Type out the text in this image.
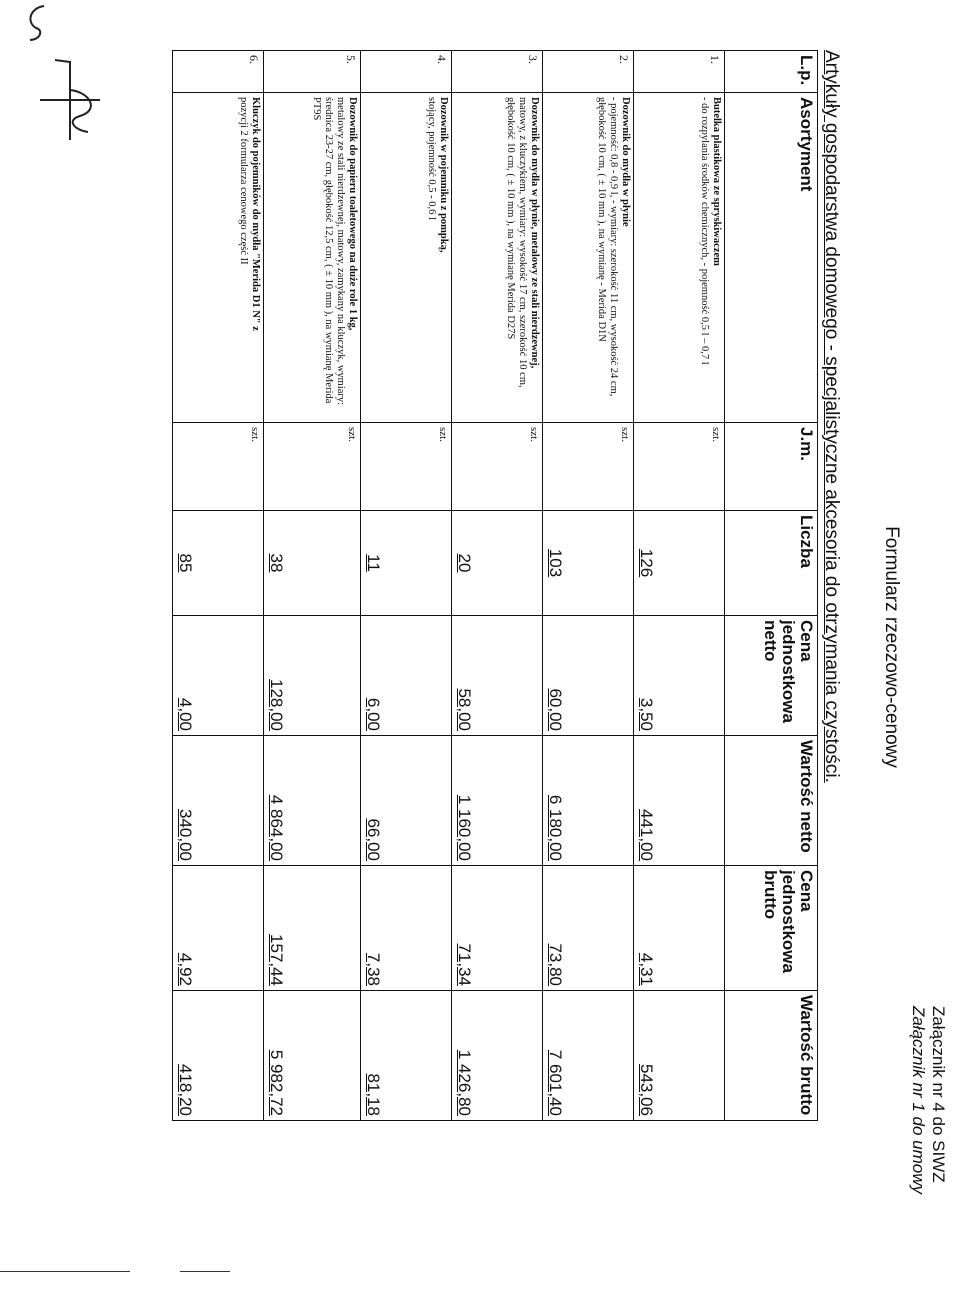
Załącznik nr 4 do SIWZ
Załącznik nr 1 do umowy
Formularz rzeczowo-cenowy
Artykuły gospodarstwa domowego - specjalistyczne akcesoria do otrzymania czystości.
L.p.	Asortyment	J.m.	Liczba	Cena jednostkowa netto	Wartość netto	Cena jednostkowa brutto	Wartość brutto
1.	Butelka plastikowa ze spryskiwaczem
- do rozpylania środków chemicznych, - pojemność 0,5 l – 0,7 l	szt.	126	3,50	441,00	4,31	543,06
2.	Dozownik do mydła w płynie
- pojemność: 0,8 - 0,9 l, - wymiary: szerokość 11 cm, wysokość 24 cm, głębokość 10 cm, ( ± 10 mm ), na wymianę - Merida D1N	szt.	103	60,00	6 180,00	73,80	7 601,40
3.	Dozownik do mydła w płynie, metalowy ze stali nierdzewnej,
matowy, z kluczykiem, wymiary: wysokość 17 cm, szerokość 10 cm, głębokość 10 cm, ( ± 10 mm ), na wymianę Merida D27S	szt.	20	58,00	1 160,00	71,34	1 426,80
4.	Dozownik w pojemniku z pompką,
stojący, pojemność 0,5 - 0,6 l	szt.	11	6,00	66,00	7,38	81,18
5.	Dozownik do papieru toaletowego na duże role 1 kg,
metalowy ze stali nierdzewnej, matowy, zamykany na kluczyk, wymiary: średnica 23-27 cm, głębokość 12,5 cm, ( ± 10 mm ), na wymianę Merida PT9S	szt.	38	128,00	4 864,00	157,44	5 982,72
6.	Kluczyk do pojemników do mydła "Merida D1 N" z
pozycji 2 formularza cenowego część II	szt.	85	4,00	340,00	4,92	418,20
